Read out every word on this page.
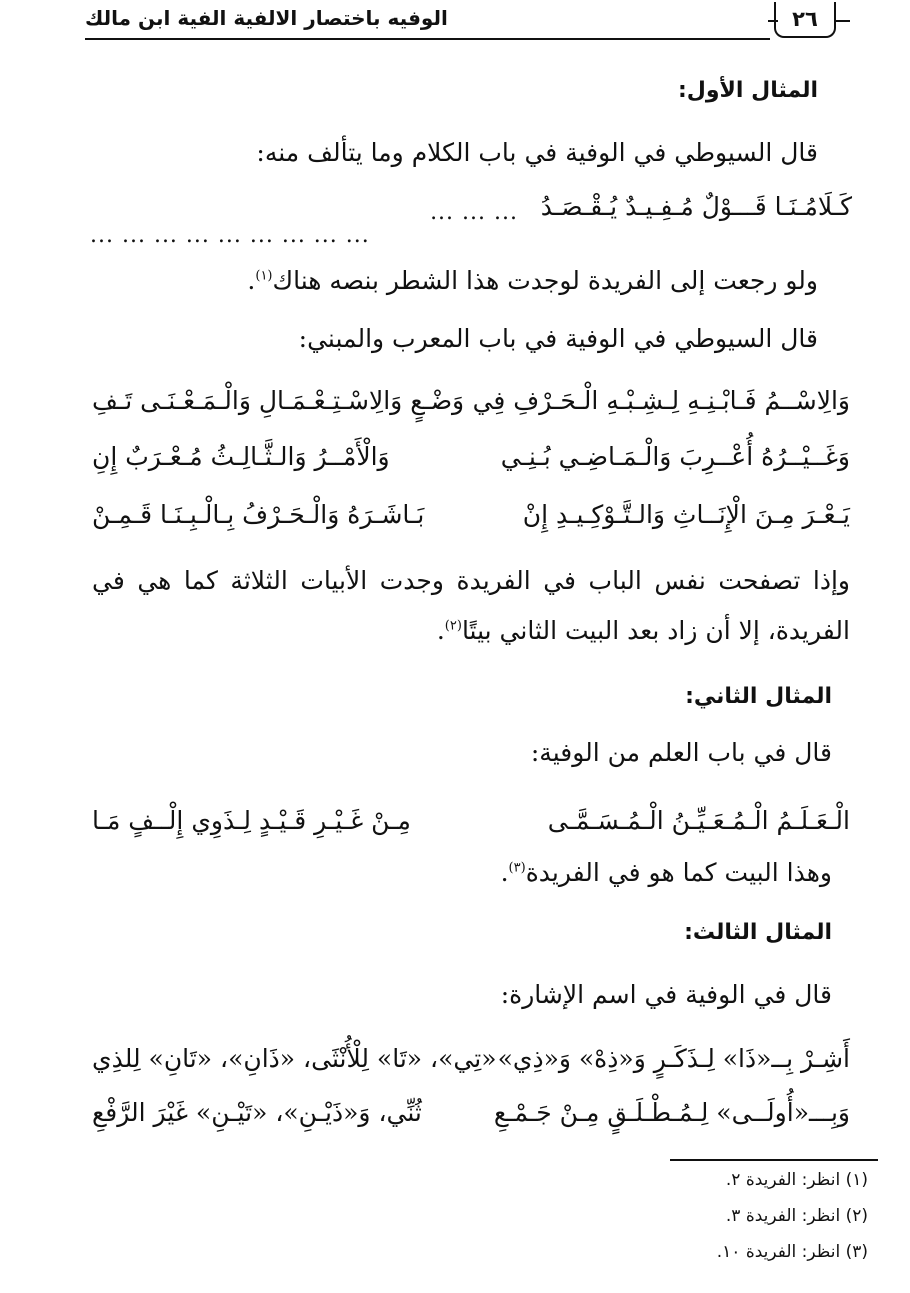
الوفيه باختصار الالفية الفية ابن مالك	٢٦
المثال الأول:
قال السيوطي في الوفية في باب الكلام وما يتألف منه:
كَـلَامُـنَـا قَـــوْلٌ مُـفِـيـدٌ يُـقْـصَـدُ
... ... ...
... ... ... ... ... ... ... ... ...
ولو رجعت إلى الفريدة لوجدت هذا الشطر بنصه هناك$^{(١)}$.
قال السيوطي في الوفية في باب المعرب والمبني:
وَالِاسْــمُ فَـابْـنِـهِ لِـشِـبْـهِ الْـحَـرْفِ فِي
وَضْـعٍ وَالِاسْـتِـعْـمَـالِ وَالْـمَـعْـنَـى تَـفِ
وَغَــيْــرُهُ أُعْــرِبَ وَالْـمَـاضِـي بُـنِـي
وَالْأَمْــرُ وَالـثَّـالِـثُ مُـعْـرَبٌ إِنِ
يَـعْـرَ مِـنَ الْإِنَــاثِ وَالـتَّـوْكِـيـدِ إِنْ
بَـاشَـرَهُ وَالْـحَـرْفُ بِـالْـبِـنَـا قَـمِـنْ
وإذا تصفحت نفس الباب في الفريدة وجدت الأبيات الثلاثة كما هي في
الفريدة، إلا أن زاد بعد البيت الثاني بيتًا$^{(٢)}$.
المثال الثاني:
قال في باب العلم من الوفية:
الْـعَـلَـمُ الْـمُـعَـيِّـنُ الْـمُـسَـمَّـى
مِـنْ غَـيْـرِ قَـيْـدٍ لِـذَوِي إِلْــفٍ مَـا
وهذا البيت كما هو في الفريدة$^{(٣)}$.
المثال الثالث:
قال في الوفية في اسم الإشارة:
أَشِـرْ بِــ«ذَا» لِـذَكَـرٍ وَ«ذِهْ» وَ«ذِي»
«تِي»، «تَا» لِلْأُنْثَى، «ذَانِ»، «تَانِ» لِلذِي
وَبِـــ«أُولَــى» لِـمُـطْـلَـقٍ مِـنْ جَـمْـعِ
ثُنِّي، وَ«ذَيْـنِ»، «تَيْـنِ» غَيْرَ الرَّفْعِ
(١) انظر: الفريدة ٢.
(٢) انظر: الفريدة ٣.
(٣) انظر: الفريدة ١٠.
